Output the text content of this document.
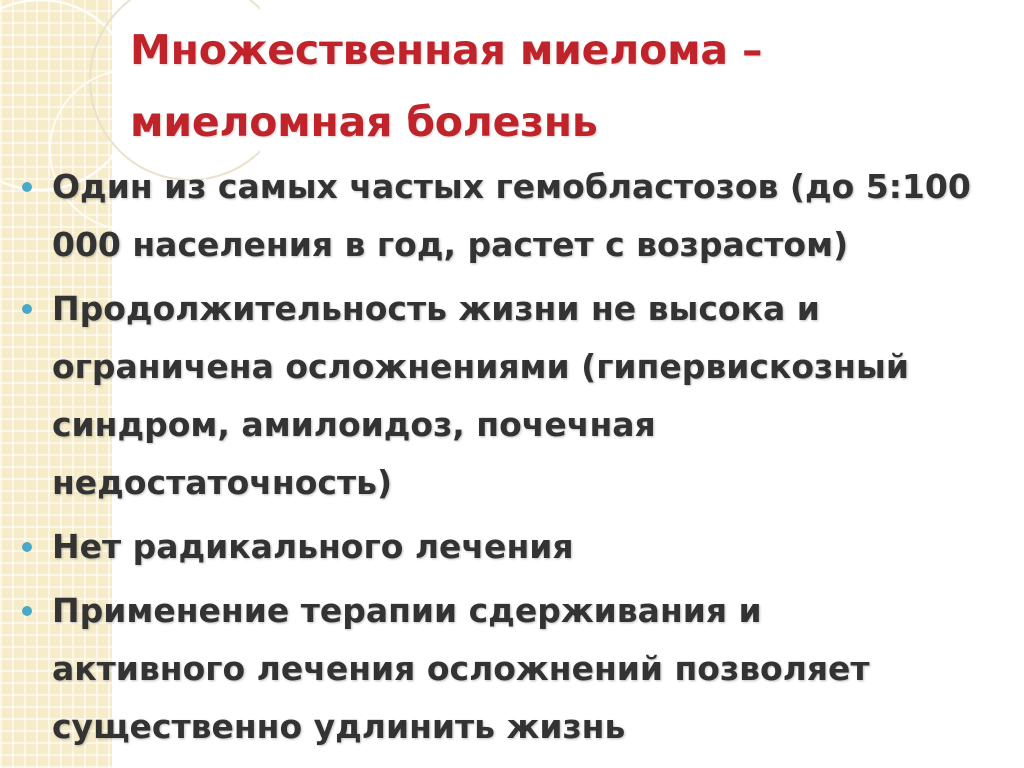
Множественная миелома –
миеломная болезнь
Один из самых частых гемобластозов (до 5:100 000 населения в год, растет с возрастом)
Продолжительность жизни не высока и ограничена осложнениями (гипервискозный синдром, амилоидоз, почечная недостаточность)
Нет радикального лечения
Применение терапии сдерживания и активного лечения осложнений позволяет существенно удлинить жизнь
